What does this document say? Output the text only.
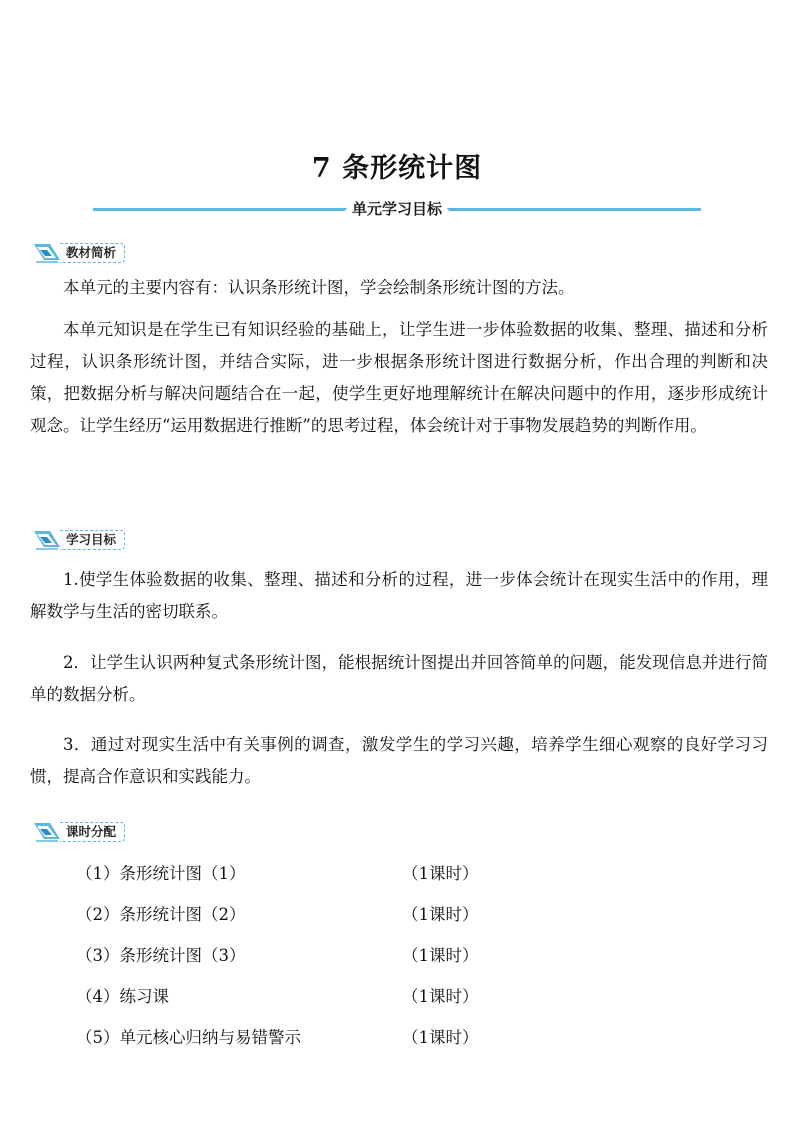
7 条形统计图
单元学习目标
教材简析

本单元的主要内容有：认识条形统计图，学会绘制条形统计图的方法。

本单元知识是在学生已有知识经验的基础上，让学生进一步体验数据的收集、整理、描述和分析过程，认识条形统计图，并结合实际，进一步根据条形统计图进行数据分析，作出合理的判断和决策，把数据分析与解决问题结合在一起，使学生更好地理解统计在解决问题中的作用，逐步形成统计观念。让学生经历“运用数据进行推断”的思考过程，体会统计对于事物发展趋势的判断作用。

学习目标

1.使学生体验数据的收集、整理、描述和分析的过程，进一步体会统计在现实生活中的作用，理解数学与生活的密切联系。

2．让学生认识两种复式条形统计图，能根据统计图提出并回答简单的问题，能发现信息并进行简单的数据分析。

3．通过对现实生活中有关事例的调查，激发学生的学习兴趣，培养学生细心观察的良好学习习惯，提高合作意识和实践能力。

课时分配
（1）条形统计图（1）	（1课时）
（2）条形统计图（2）	（1课时）
（3）条形统计图（3）	（1课时）
（4）练习课	（1课时）
（5）单元核心归纳与易错警示	（1课时）
